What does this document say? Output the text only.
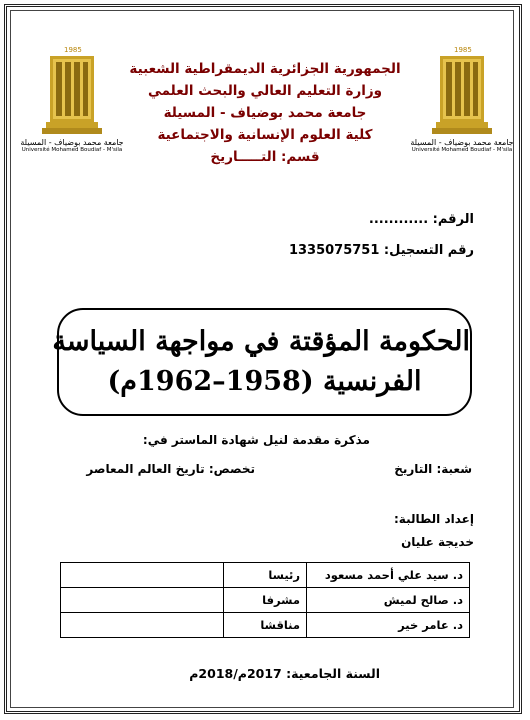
1985
جامعة محمد بوضياف - المسيلة
Université Mohamed Boudiaf - M'sila
1985
جامعة محمد بوضياف - المسيلة
Université Mohamed Boudiaf - M'sila
الجمهورية الجزائرية الديمقراطية الشعبية
وزارة التعليم العالي والبحث العلمي
جامعة محمد بوضياف - المسيلة
كلية العلوم الإنسانية والاجتماعية
قسم: التـــــاريخ
الرقم: ............
رقم التسجيل: 1335075751
الحكومة المؤقتة في مواجهة السياسة
الفرنسية (1958–1962م)
مذكرة مقدمة لنيل شهادة الماستر في:
شعبة: التاريخ
تخصص: تاريخ العالم المعاصر
إعداد الطالبة:
خديجة عليان
د. سيد علي أحمد مسعود	رئيسا	
د. صالح لميش	مشرفا	
د. عامر خير	مناقشا	
السنة الجامعية: 2017م/2018م
